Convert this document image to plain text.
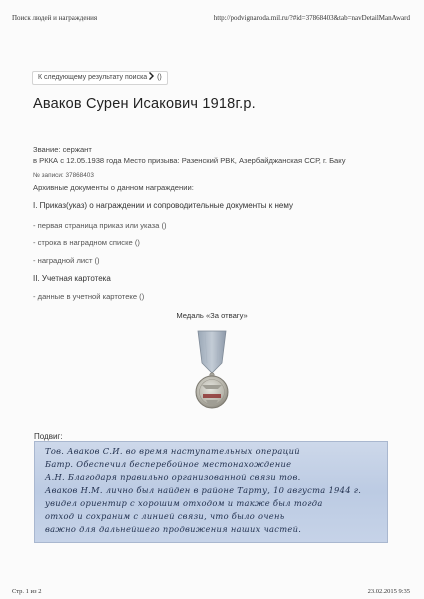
Поиск людей и награждения	http://podvignaroda.mil.ru/?#id=37868403&tab=navDetailManAward
К следующему результату поиска ()
Аваков Сурен Исакович 1918г.р.
Звание: сержант
в РККА с 12.05.1938 года Место призыва: Разенский РВК, Азербайджанская ССР, г. Баку
№ записи: 37868403
Архивные документы о данном награждении:
I. Приказ(указ) о награждении и сопроводительные документы к нему
- первая страница приказ или указа ()
- строка в наградном списке ()
- наградной лист ()
II. Учетная картотека
- данные в учетной картотеке ()
Медаль «За отвагу»
Подвиг:
Тов. Аваков С.И. во время наступательных операций
Батр. Обеспечил бесперебойное местонахождение
А.Н. Благодаря правильно организованной связи тов.
Аваков Н.М. лично был найден в районе Тарту, 10 августа 1944 г.
увидел ориентир с хорошим отходом и также был тогда
отход и сохраним с линией связи, что было очень
важно для дальнейшего продвижения наших частей.
Стр. 1 из 2	23.02.2015 9:35
